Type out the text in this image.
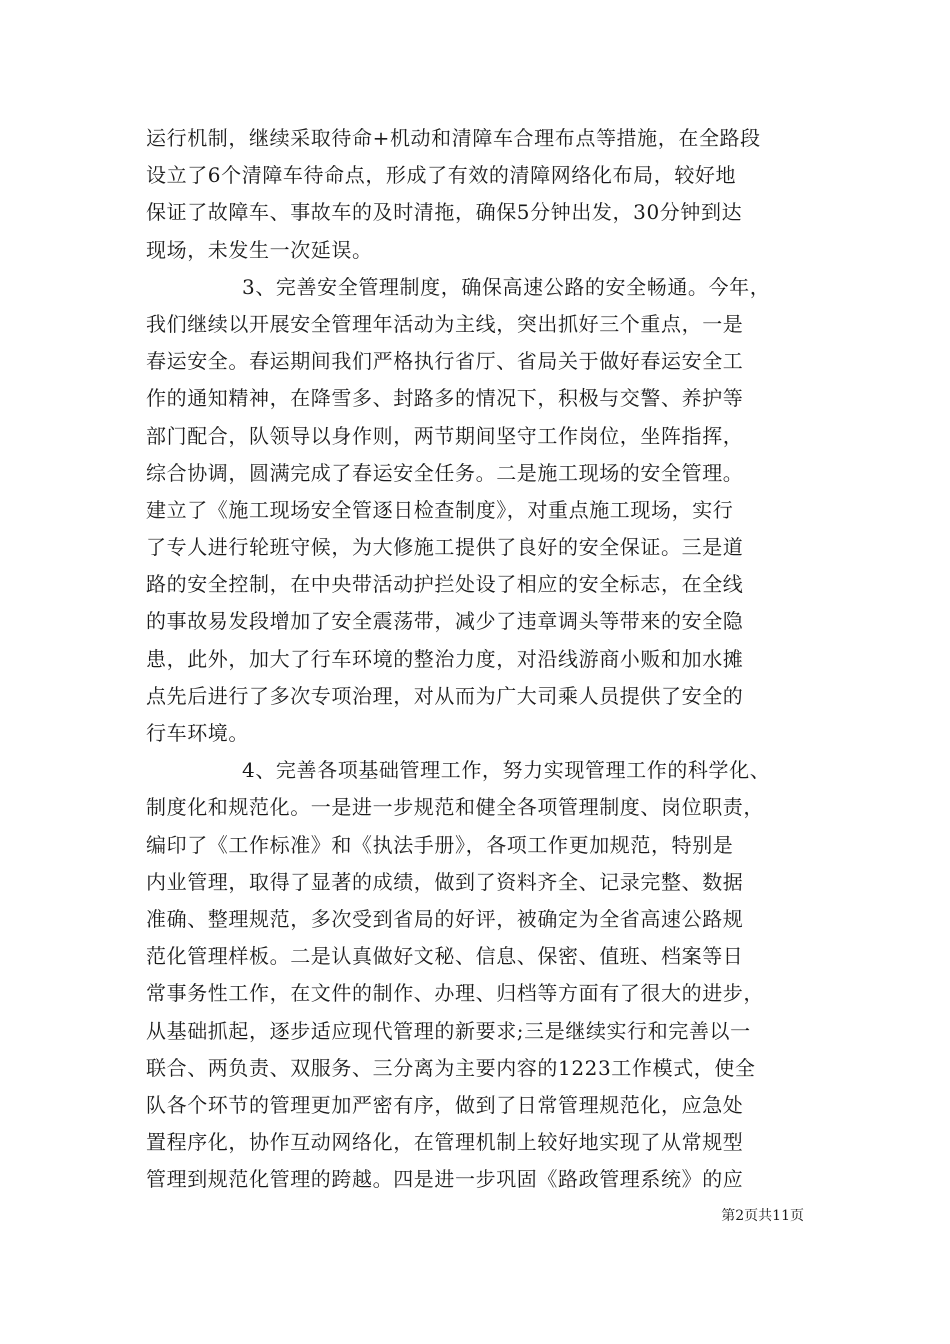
运行机制，继续采取待命+机动和清障车合理布点等措施，在全路段
设立了6个清障车待命点，形成了有效的清障网络化布局，较好地
保证了故障车、事故车的及时清拖，确保5分钟出发，30分钟到达
现场，未发生一次延误。
3、完善安全管理制度，确保高速公路的安全畅通。今年，
我们继续以开展安全管理年活动为主线，突出抓好三个重点，一是
春运安全。春运期间我们严格执行省厅、省局关于做好春运安全工
作的通知精神，在降雪多、封路多的情况下，积极与交警、养护等
部门配合，队领导以身作则，两节期间坚守工作岗位，坐阵指挥，
综合协调，圆满完成了春运安全任务。二是施工现场的安全管理。
建立了《施工现场安全管逐日检查制度》，对重点施工现场，实行
了专人进行轮班守候，为大修施工提供了良好的安全保证。三是道
路的安全控制，在中央带活动护拦处设了相应的安全标志，在全线
的事故易发段增加了安全震荡带，减少了违章调头等带来的安全隐
患，此外，加大了行车环境的整治力度，对沿线游商小贩和加水摊
点先后进行了多次专项治理，对从而为广大司乘人员提供了安全的
行车环境。
4、完善各项基础管理工作，努力实现管理工作的科学化、
制度化和规范化。一是进一步规范和健全各项管理制度、岗位职责，
编印了《工作标准》和《执法手册》，各项工作更加规范，特别是
内业管理，取得了显著的成绩，做到了资料齐全、记录完整、数据
准确、整理规范，多次受到省局的好评，被确定为全省高速公路规
范化管理样板。二是认真做好文秘、信息、保密、值班、档案等日
常事务性工作，在文件的制作、办理、归档等方面有了很大的进步，
从基础抓起，逐步适应现代管理的新要求;三是继续实行和完善以一
联合、两负责、双服务、三分离为主要内容的1223工作模式，使全
队各个环节的管理更加严密有序，做到了日常管理规范化，应急处
置程序化，协作互动网络化，在管理机制上较好地实现了从常规型
管理到规范化管理的跨越。四是进一步巩固《路政管理系统》的应
第2页共11页
